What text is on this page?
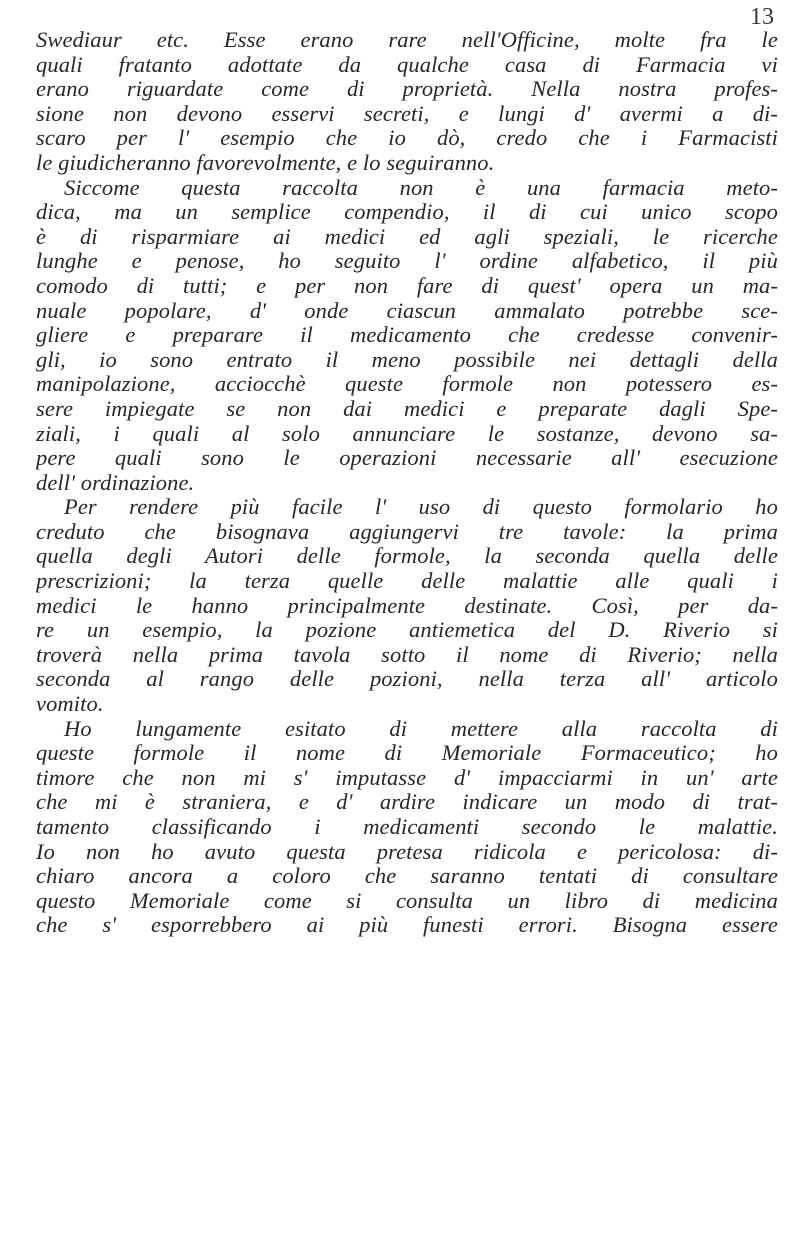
13
Swediaur etc. Esse erano rare nell'Officine, molte fra le
quali fratanto adottate da qualche casa di Farmacia vi
erano riguardate come di proprietà. Nella nostra profes-
sione non devono esservi secreti, e lungi d' avermi a di-
scaro per l' esempio che io dò, credo che i Farmacisti
le giudicheranno favorevolmente, e lo seguiranno.
Siccome questa raccolta non è una farmacia meto-
dica, ma un semplice compendio, il di cui unico scopo
è di risparmiare ai medici ed agli speziali, le ricerche
lunghe e penose, ho seguito l' ordine alfabetico, il più
comodo di tutti; e per non fare di quest' opera un ma-
nuale popolare, d' onde ciascun ammalato potrebbe sce-
gliere e preparare il medicamento che credesse convenir-
gli, io sono entrato il meno possibile nei dettagli della
manipolazione, acciocchè queste formole non potessero es-
sere impiegate se non dai medici e preparate dagli Spe-
ziali, i quali al solo annunciare le sostanze, devono sa-
pere quali sono le operazioni necessarie all' esecuzione
dell' ordinazione.
Per rendere più facile l' uso di questo formolario ho
creduto che bisognava aggiungervi tre tavole: la prima
quella degli Autori delle formole, la seconda quella delle
prescrizioni; la terza quelle delle malattie alle quali i
medici le hanno principalmente destinate. Così, per da-
re un esempio, la pozione antiemetica del D. Riverio si
troverà nella prima tavola sotto il nome di Riverio; nella
seconda al rango delle pozioni, nella terza all' articolo
vomito.
Ho lungamente esitato di mettere alla raccolta di
queste formole il nome di Memoriale Formaceutico; ho
timore che non mi s' imputasse d' impacciarmi in un' arte
che mi è straniera, e d' ardire indicare un modo di trat-
tamento classificando i medicamenti secondo le malattie.
Io non ho avuto questa pretesa ridicola e pericolosa: di-
chiaro ancora a coloro che saranno tentati di consultare
questo Memoriale come si consulta un libro di medicina
che s' esporrebbero ai più funesti errori. Bisogna essere
